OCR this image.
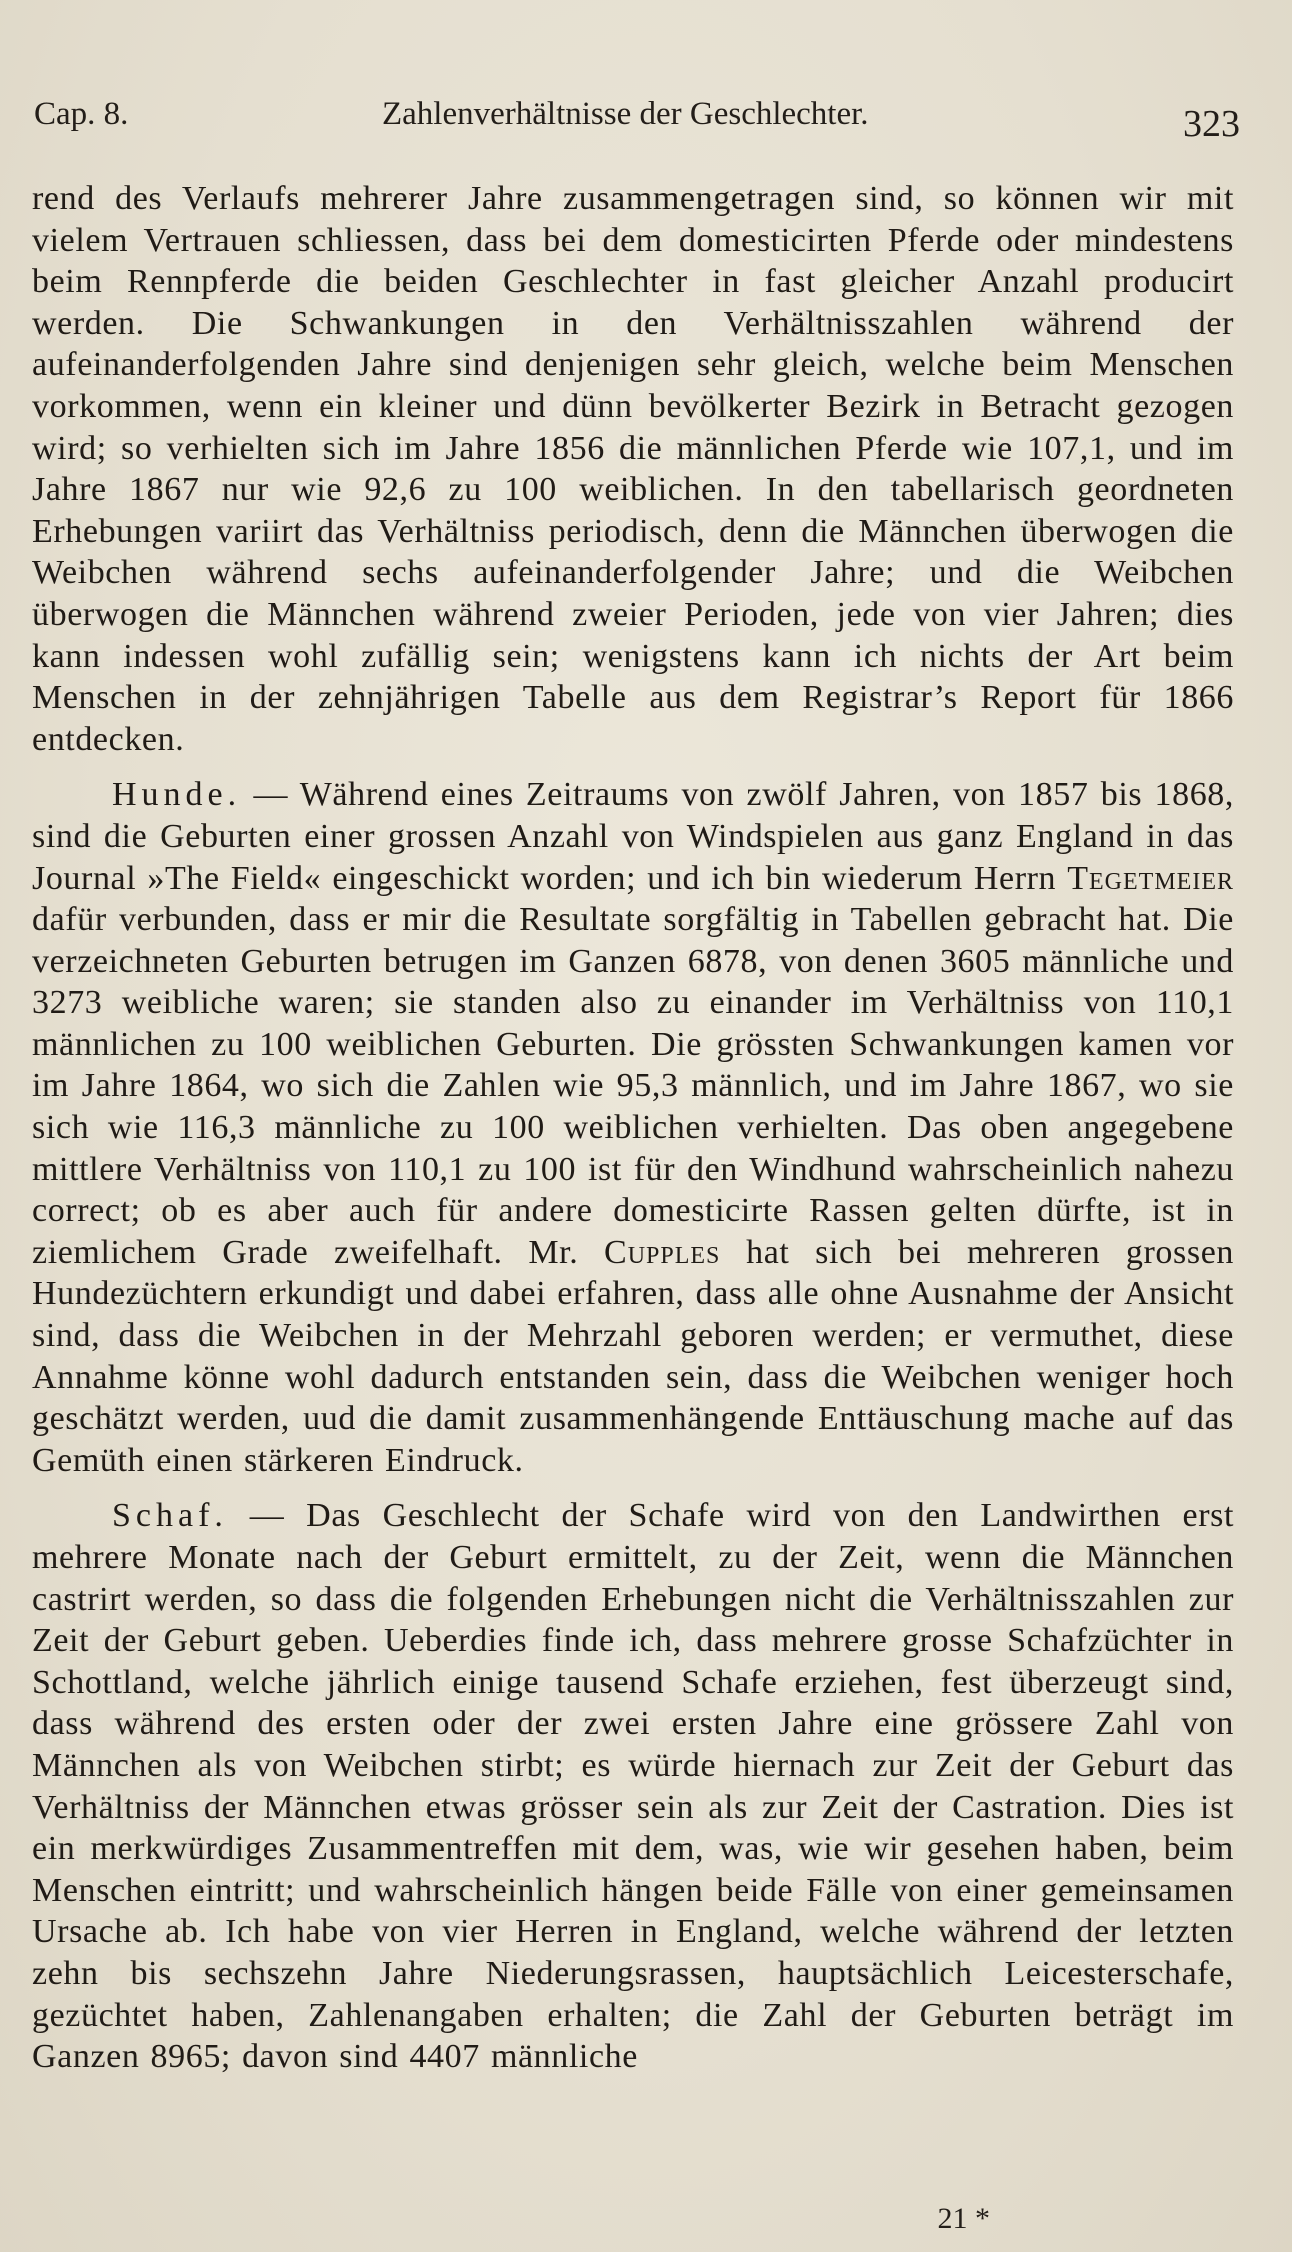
Cap. 8.	Zahlenverhältnisse der Geschlechter.	323

rend des Verlaufs mehrerer Jahre zusammengetragen sind, so können wir mit vielem Vertrauen schliessen, dass bei dem domesticirten Pferde oder mindestens beim Rennpferde die beiden Geschlechter in fast gleicher Anzahl producirt werden. Die Schwankungen in den Verhältnisszahlen während der aufeinanderfolgenden Jahre sind denjenigen sehr gleich, welche beim Menschen vorkommen, wenn ein kleiner und dünn bevölkerter Bezirk in Betracht gezogen wird; so verhielten sich im Jahre 1856 die männlichen Pferde wie 107,1, und im Jahre 1867 nur wie 92,6 zu 100 weiblichen. In den tabellarisch geordneten Erhebungen variirt das Verhältniss periodisch, denn die Männchen überwogen die Weibchen während sechs aufeinanderfolgender Jahre; und die Weibchen überwogen die Männchen während zweier Perioden, jede von vier Jahren; dies kann indessen wohl zufällig sein; wenigstens kann ich nichts der Art beim Menschen in der zehnjährigen Tabelle aus dem Registrar’s Report für 1866 entdecken.

Hunde. — Während eines Zeitraums von zwölf Jahren, von 1857 bis 1868, sind die Geburten einer grossen Anzahl von Windspielen aus ganz England in das Journal »The Field« eingeschickt worden; und ich bin wiederum Herrn Tegetmeier dafür verbunden, dass er mir die Resultate sorgfältig in Tabellen gebracht hat. Die verzeichneten Geburten betrugen im Ganzen 6878, von denen 3605 männliche und 3273 weibliche waren; sie standen also zu einander im Verhältniss von 110,1 männlichen zu 100 weiblichen Geburten. Die grössten Schwankungen kamen vor im Jahre 1864, wo sich die Zahlen wie 95,3 männlich, und im Jahre 1867, wo sie sich wie 116,3 männliche zu 100 weiblichen verhielten. Das oben angegebene mittlere Verhältniss von 110,1 zu 100 ist für den Windhund wahrscheinlich nahezu correct; ob es aber auch für andere domesticirte Rassen gelten dürfte, ist in ziemlichem Grade zweifelhaft. Mr. Cupples hat sich bei mehreren grossen Hundezüchtern erkundigt und dabei erfahren, dass alle ohne Ausnahme der Ansicht sind, dass die Weibchen in der Mehrzahl geboren werden; er vermuthet, diese Annahme könne wohl dadurch entstanden sein, dass die Weibchen weniger hoch geschätzt werden, uud die damit zusammenhängende Enttäuschung mache auf das Gemüth einen stärkeren Eindruck.

Schaf. — Das Geschlecht der Schafe wird von den Landwirthen erst mehrere Monate nach der Geburt ermittelt, zu der Zeit, wenn die Männchen castrirt werden, so dass die folgenden Erhebungen nicht die Verhältnisszahlen zur Zeit der Geburt geben. Ueberdies finde ich, dass mehrere grosse Schafzüchter in Schottland, welche jährlich einige tausend Schafe erziehen, fest überzeugt sind, dass während des ersten oder der zwei ersten Jahre eine grössere Zahl von Männchen als von Weibchen stirbt; es würde hiernach zur Zeit der Geburt das Verhältniss der Männchen etwas grösser sein als zur Zeit der Castration. Dies ist ein merkwürdiges Zusammentreffen mit dem, was, wie wir gesehen haben, beim Menschen eintritt; und wahrscheinlich hängen beide Fälle von einer gemeinsamen Ursache ab. Ich habe von vier Herren in England, welche während der letzten zehn bis sechszehn Jahre Niederungsrassen, hauptsächlich Leicesterschafe, gezüchtet haben, Zahlenangaben erhalten; die Zahl der Geburten beträgt im Ganzen 8965; davon sind 4407 männliche

21 *
